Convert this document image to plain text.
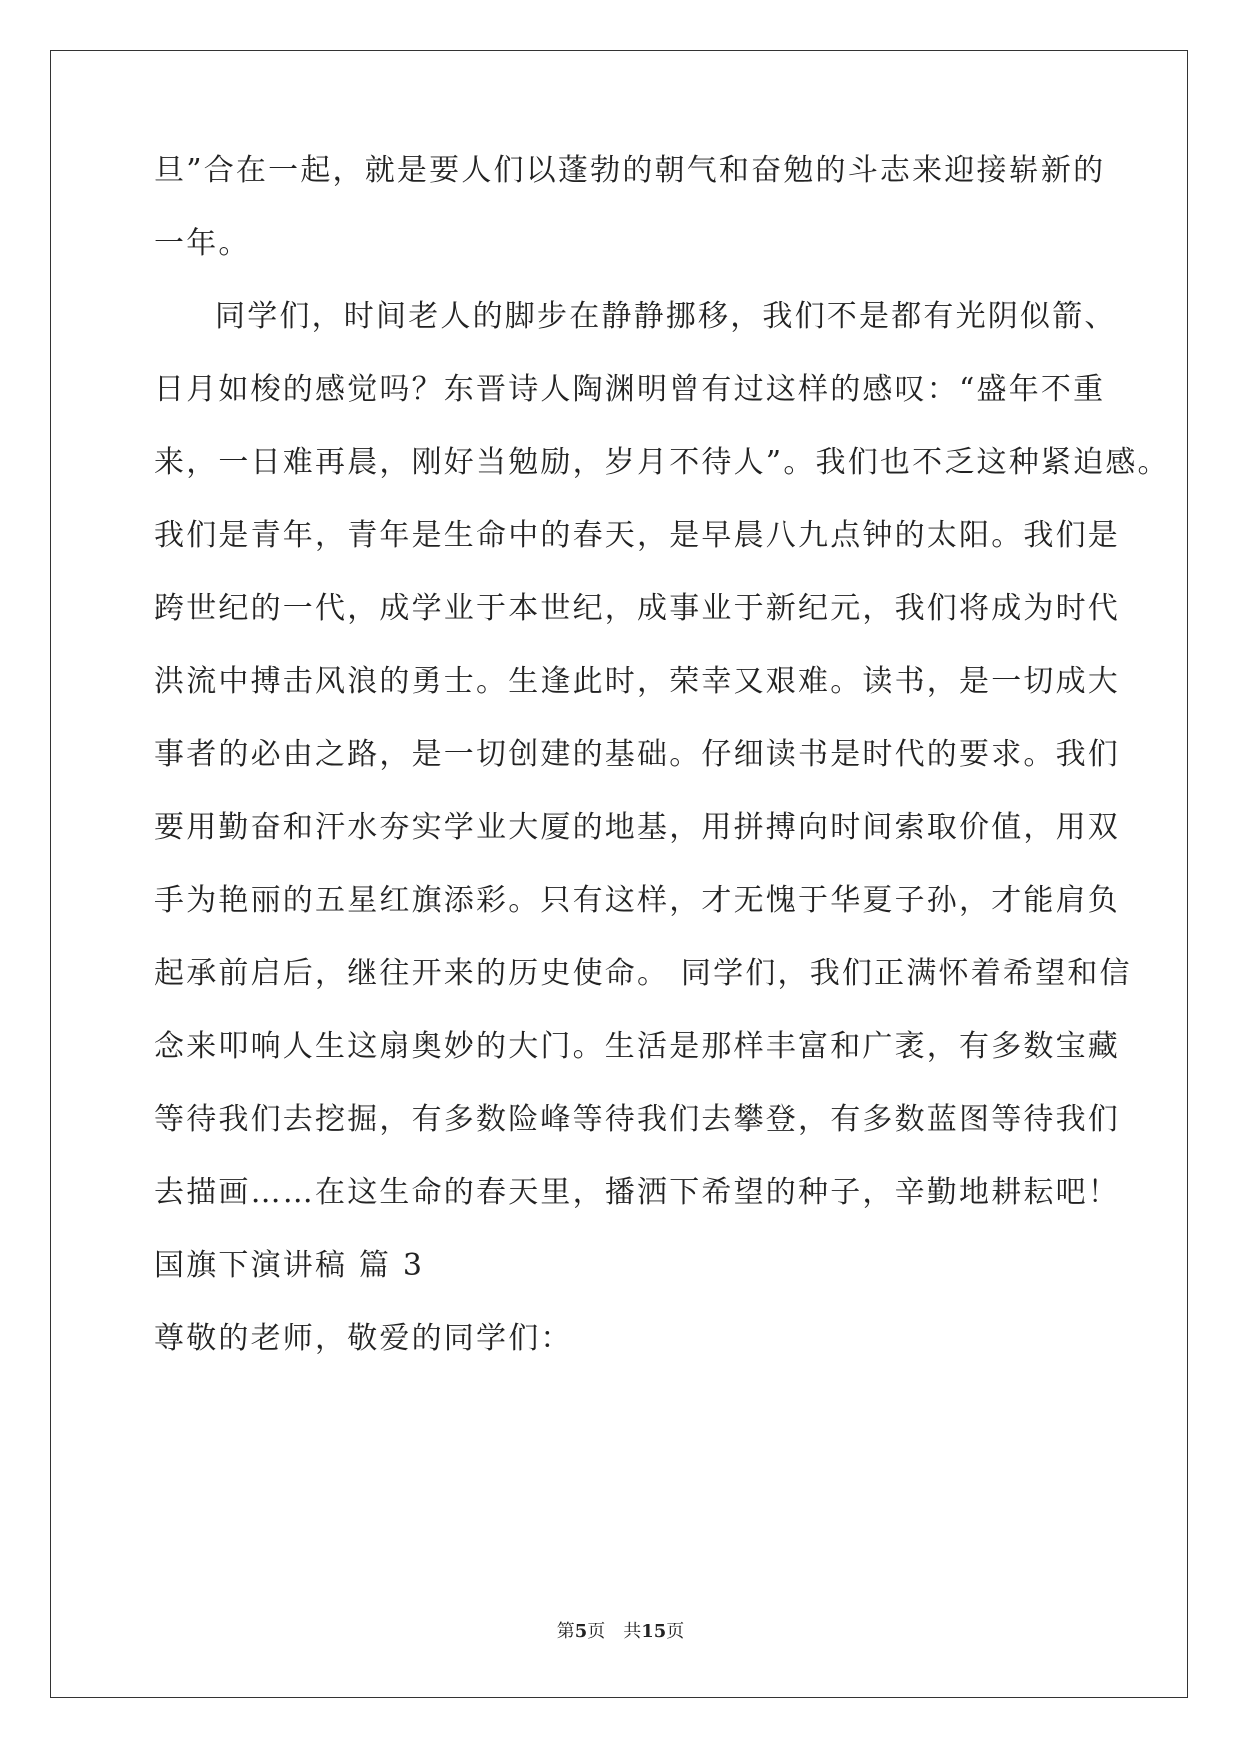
旦”合在一起，就是要人们以蓬勃的朝气和奋勉的斗志来迎接崭新的
一年。
同学们，时间老人的脚步在静静挪移，我们不是都有光阴似箭、
日月如梭的感觉吗？东晋诗人陶渊明曾有过这样的感叹：“盛年不重
来，一日难再晨，刚好当勉励，岁月不待人”。我们也不乏这种紧迫感。
我们是青年，青年是生命中的春天，是早晨八九点钟的太阳。我们是
跨世纪的一代，成学业于本世纪，成事业于新纪元，我们将成为时代
洪流中搏击风浪的勇士。生逢此时，荣幸又艰难。读书，是一切成大
事者的必由之路，是一切创建的基础。仔细读书是时代的要求。我们
要用勤奋和汗水夯实学业大厦的地基，用拼搏向时间索取价值，用双
手为艳丽的五星红旗添彩。只有这样，才无愧于华夏子孙，才能肩负
起承前启后，继往开来的历史使命。 同学们，我们正满怀着希望和信
念来叩响人生这扇奥妙的大门。生活是那样丰富和广袤，有多数宝藏
等待我们去挖掘，有多数险峰等待我们去攀登，有多数蓝图等待我们
去描画……在这生命的春天里，播洒下希望的种子，辛勤地耕耘吧！
国旗下演讲稿 篇 3
尊敬的老师，敬爱的同学们：
第5页　共15页
